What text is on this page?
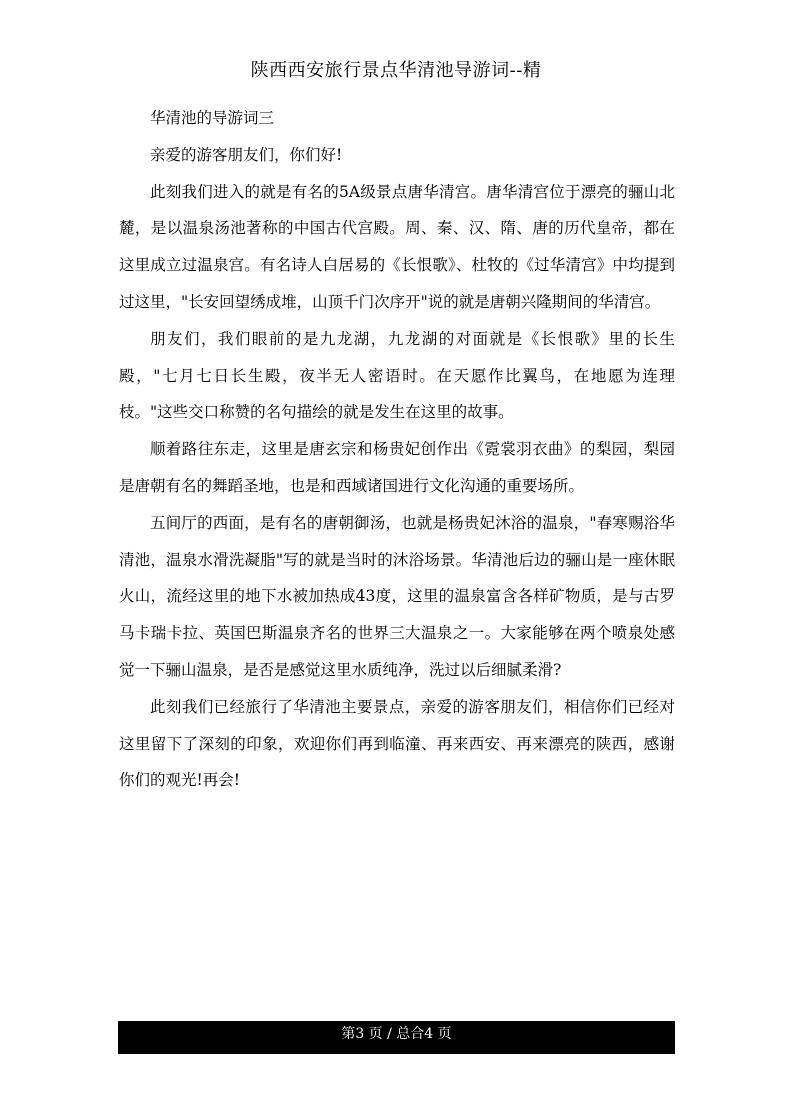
陕西西安旅行景点华清池导游词--精

华清池的导游词三

亲爱的游客朋友们，你们好!

此刻我们进入的就是有名的5A级景点唐华清宫。唐华清宫位于漂亮的骊山北麓，是以温泉汤池著称的中国古代宫殿。周、秦、汉、隋、唐的历代皇帝，都在这里成立过温泉宫。有名诗人白居易的《长恨歌》、杜牧的《过华清宫》中均提到过这里，"长安回望绣成堆，山顶千门次序开"说的就是唐朝兴隆期间的华清宫。

朋友们，我们眼前的是九龙湖，九龙湖的对面就是《长恨歌》里的长生殿，"七月七日长生殿，夜半无人密语时。在天愿作比翼鸟，在地愿为连理枝。"这些交口称赞的名句描绘的就是发生在这里的故事。

顺着路往东走，这里是唐玄宗和杨贵妃创作出《霓裳羽衣曲》的梨园，梨园是唐朝有名的舞蹈圣地，也是和西域诸国进行文化沟通的重要场所。

五间厅的西面，是有名的唐朝御汤，也就是杨贵妃沐浴的温泉，"春寒赐浴华清池，温泉水滑洗凝脂"写的就是当时的沐浴场景。华清池后边的骊山是一座休眠火山，流经这里的地下水被加热成43度，这里的温泉富含各样矿物质，是与古罗马卡瑞卡拉、英国巴斯温泉齐名的世界三大温泉之一。大家能够在两个喷泉处感觉一下骊山温泉，是否是感觉这里水质纯净，洗过以后细腻柔滑?

此刻我们已经旅行了华清池主要景点，亲爱的游客朋友们，相信你们已经对这里留下了深刻的印象，欢迎你们再到临潼、再来西安、再来漂亮的陕西，感谢你们的观光!再会!

第3 页 / 总合4 页
